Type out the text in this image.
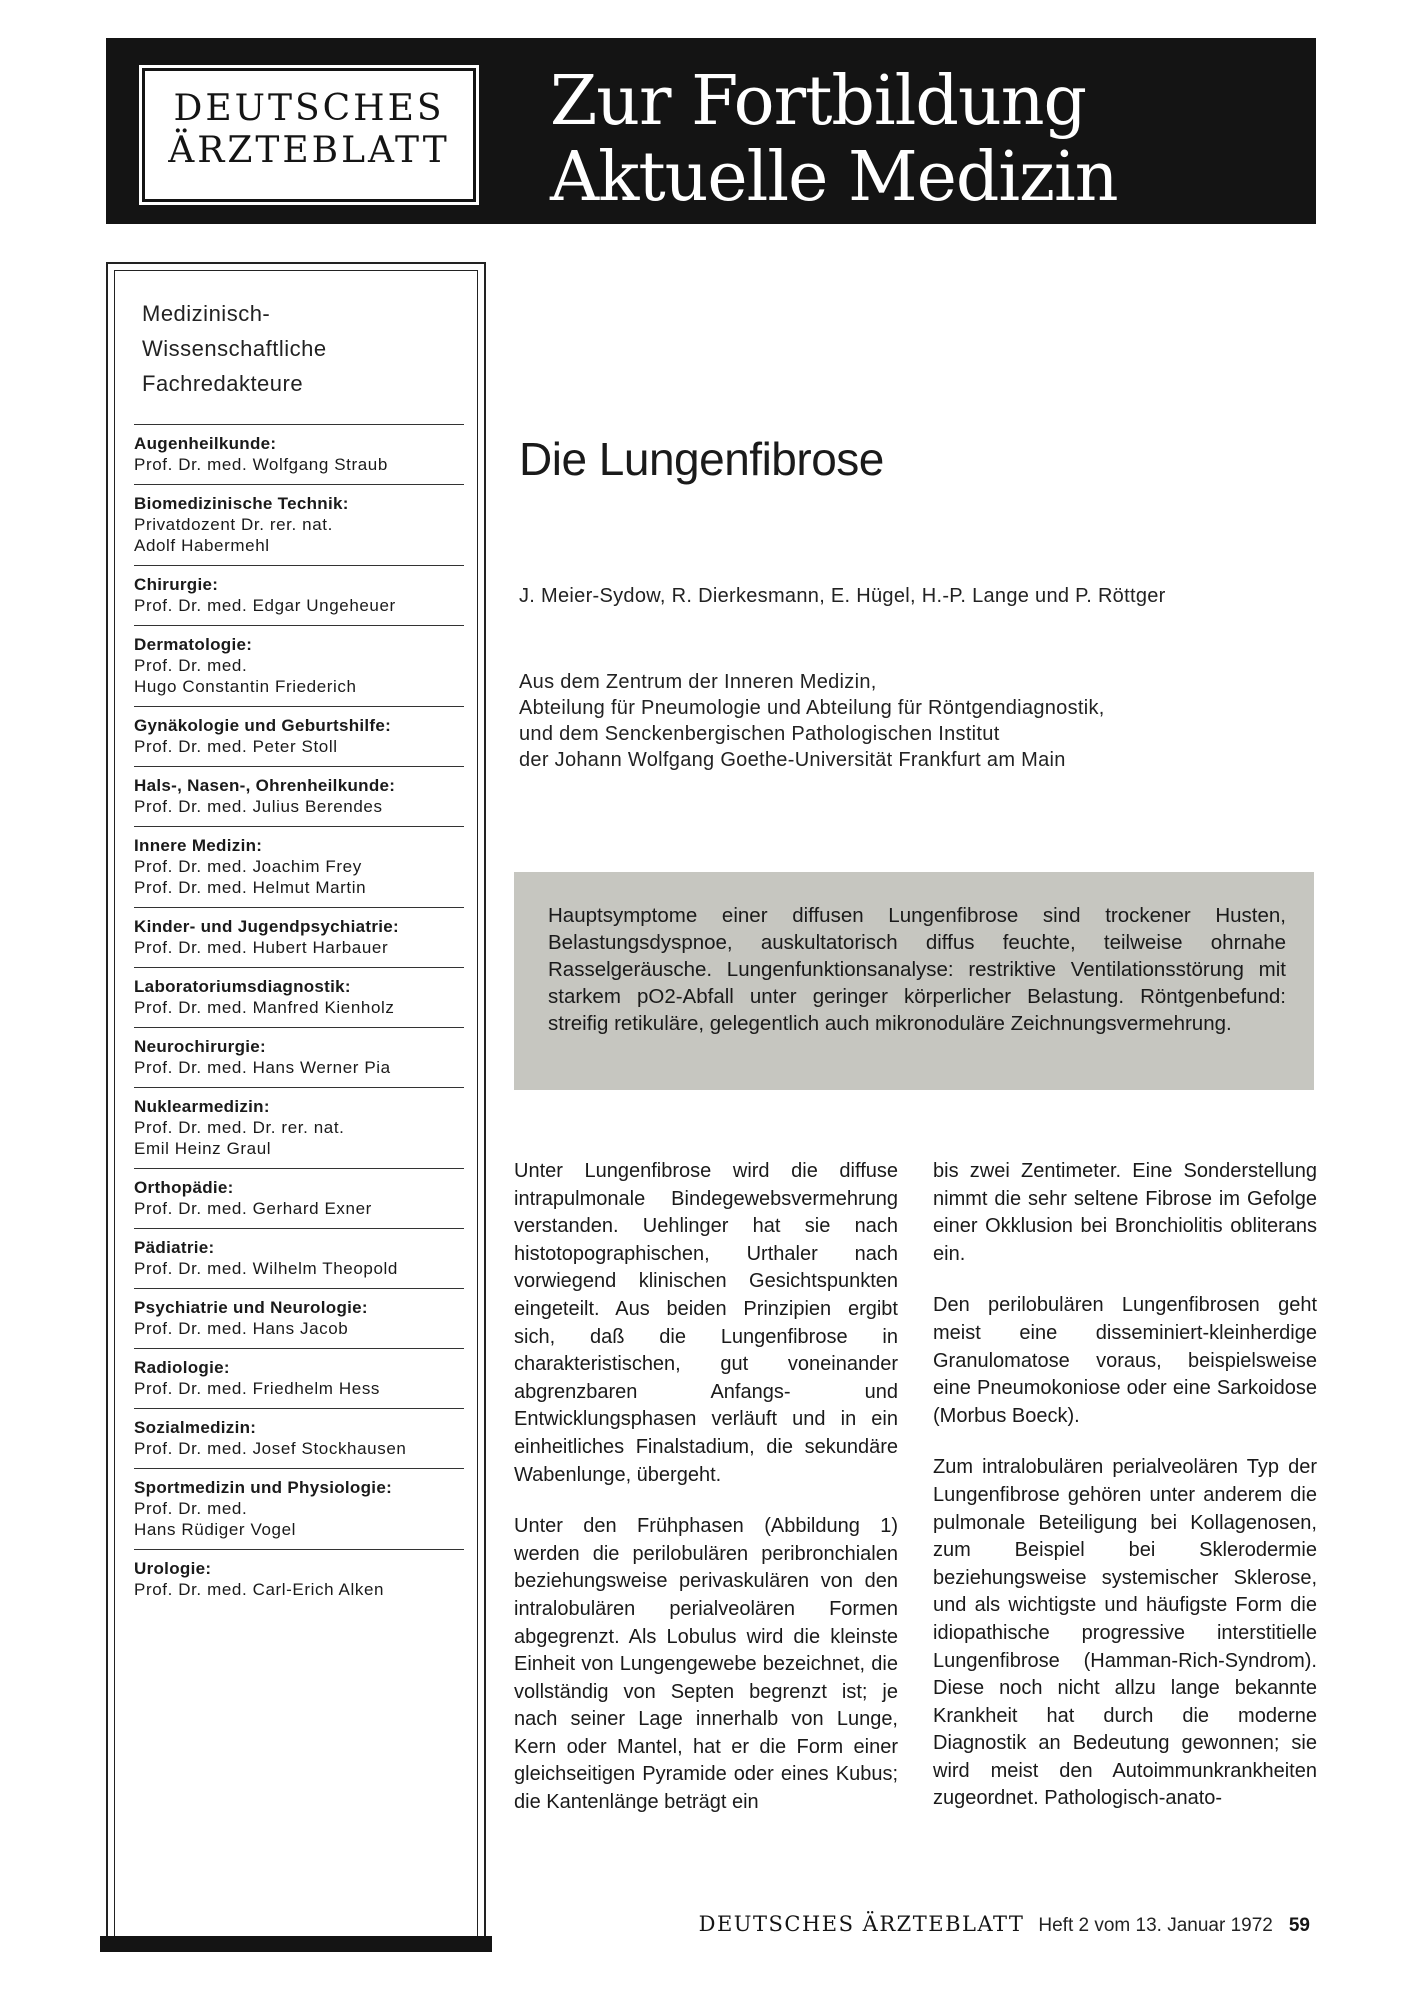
DEUTSCHES
ÄRZTEBLATT
Zur Fortbildung
Aktuelle Medizin
Medizinisch-
Wissenschaftliche
Fachredakteure
Augenheilkunde:
Prof. Dr. med. Wolfgang Straub
Biomedizinische Technik:
Privatdozent Dr. rer. nat.
Adolf Habermehl
Chirurgie:
Prof. Dr. med. Edgar Ungeheuer
Dermatologie:
Prof. Dr. med.
Hugo Constantin Friederich
Gynäkologie und Geburtshilfe:
Prof. Dr. med. Peter Stoll
Hals-, Nasen-, Ohrenheilkunde:
Prof. Dr. med. Julius Berendes
Innere Medizin:
Prof. Dr. med. Joachim Frey
Prof. Dr. med. Helmut Martin
Kinder- und Jugendpsychiatrie:
Prof. Dr. med. Hubert Harbauer
Laboratoriumsdiagnostik:
Prof. Dr. med. Manfred Kienholz
Neurochirurgie:
Prof. Dr. med. Hans Werner Pia
Nuklearmedizin:
Prof. Dr. med. Dr. rer. nat.
Emil Heinz Graul
Orthopädie:
Prof. Dr. med. Gerhard Exner
Pädiatrie:
Prof. Dr. med. Wilhelm Theopold
Psychiatrie und Neurologie:
Prof. Dr. med. Hans Jacob
Radiologie:
Prof. Dr. med. Friedhelm Hess
Sozialmedizin:
Prof. Dr. med. Josef Stockhausen
Sportmedizin und Physiologie:
Prof. Dr. med.
Hans Rüdiger Vogel
Urologie:
Prof. Dr. med. Carl-Erich Alken
Die Lungenfibrose
J. Meier-Sydow, R. Dierkesmann, E. Hügel, H.-P. Lange und P. Röttger
Aus dem Zentrum der Inneren Medizin,
Abteilung für Pneumologie und Abteilung für Röntgendiagnostik,
und dem Senckenbergischen Pathologischen Institut
der Johann Wolfgang Goethe-Universität Frankfurt am Main
Hauptsymptome einer diffusen Lungenfibrose sind trockener Husten, Belastungsdyspnoe, auskultatorisch diffus feuchte, teilweise ohrnahe Rasselgeräusche. Lungenfunktionsanalyse: restriktive Ventilationsstörung mit starkem pO2-Abfall unter geringer körperlicher Belastung. Röntgenbefund: streifig retikuläre, gelegentlich auch mikronoduläre Zeichnungsvermehrung.

Unter Lungenfibrose wird die diffuse intrapulmonale Bindegewebsvermehrung verstanden. Uehlinger hat sie nach histotopographischen, Urthaler nach vorwiegend klinischen Gesichtspunkten eingeteilt. Aus beiden Prinzipien ergibt sich, daß die Lungenfibrose in charakteristischen, gut voneinander abgrenzbaren Anfangs- und Entwicklungsphasen verläuft und in ein einheitliches Finalstadium, die sekundäre Wabenlunge, übergeht.

Unter den Frühphasen (Abbildung 1) werden die perilobulären peribronchialen beziehungsweise perivaskulären von den intralobulären perialveolären Formen abgegrenzt. Als Lobulus wird die kleinste Einheit von Lungengewebe bezeichnet, die vollständig von Septen begrenzt ist; je nach seiner Lage innerhalb von Lunge, Kern oder Mantel, hat er die Form einer gleichseitigen Pyramide oder eines Kubus; die Kantenlänge beträgt ein

bis zwei Zentimeter. Eine Sonderstellung nimmt die sehr seltene Fibrose im Gefolge einer Okklusion bei Bronchiolitis obliterans ein.

Den perilobulären Lungenfibrosen geht meist eine disseminiert-kleinherdige Granulomatose voraus, beispielsweise eine Pneumokoniose oder eine Sarkoidose (Morbus Boeck).

Zum intralobulären perialveolären Typ der Lungenfibrose gehören unter anderem die pulmonale Beteiligung bei Kollagenosen, zum Beispiel bei Sklerodermie beziehungsweise systemischer Sklerose, und als wichtigste und häufigste Form die idiopathische progressive interstitielle Lungenfibrose (Hamman-Rich-Syndrom). Diese noch nicht allzu lange bekannte Krankheit hat durch die moderne Diagnostik an Bedeutung gewonnen; sie wird meist den Autoimmunkrankheiten zugeordnet. Pathologisch-anato-

DEUTSCHES ÄRZTEBLATT Heft 2 vom 13. Januar 1972 59
